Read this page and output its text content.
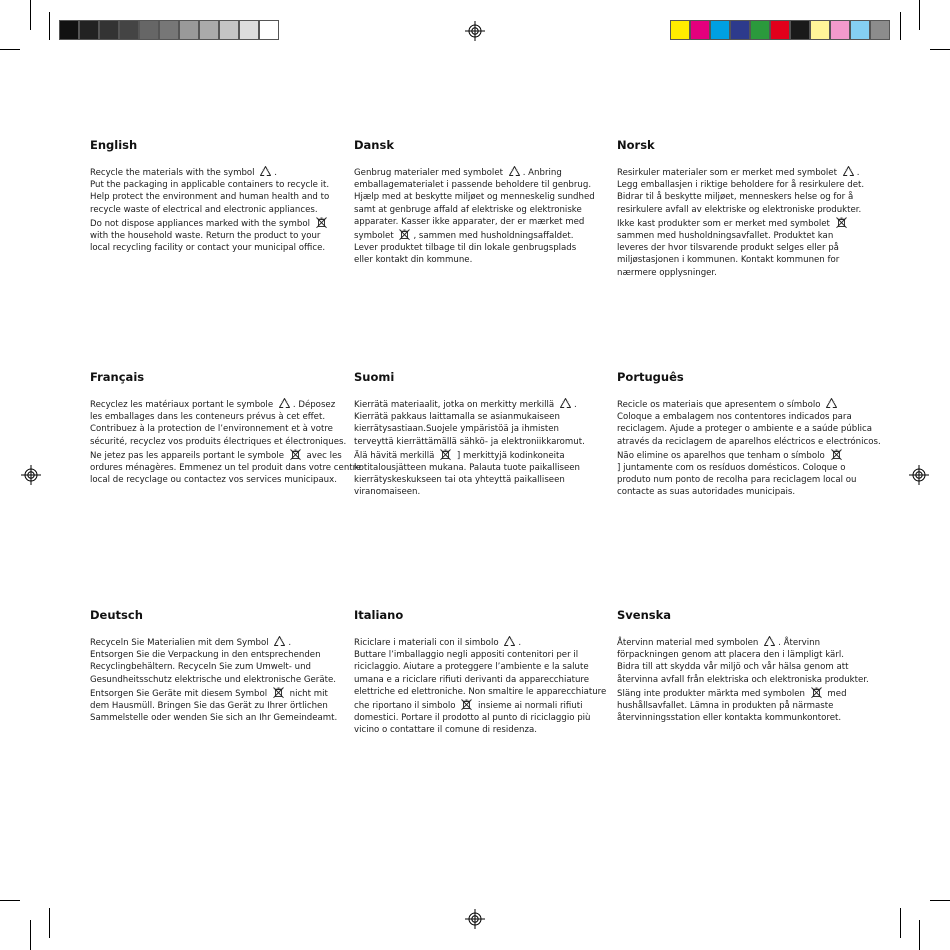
English
Recycle the materials with the symbol .
Put the packaging in applicable containers to recycle it.
Help protect the environment and human health and to
recycle waste of electrical and electronic appliances.
Do not dispose appliances marked with the symbol
with the household waste. Return the product to your
local recycling facility or contact your municipal office.
Dansk
Genbrug materialer med symbolet . Anbring
emballagematerialet i passende beholdere til genbrug.
Hjælp med at beskytte miljøet og menneskelig sundhed
samt at genbruge affald af elektriske og elektroniske
apparater. Kasser ikke apparater, der er mærket med
symbolet , sammen med husholdningsaffaldet.
Lever produktet tilbage til din lokale genbrugsplads
eller kontakt din kommune.
Norsk
Resirkuler materialer som er merket med symbolet .
Legg emballasjen i riktige beholdere for å resirkulere det.
Bidrar til å beskytte miljøet, menneskers helse og for å
resirkulere avfall av elektriske og elektroniske produkter.
Ikke kast produkter som er merket med symbolet
sammen med husholdningsavfallet. Produktet kan
leveres der hvor tilsvarende produkt selges eller på
miljøstasjonen i kommunen. Kontakt kommunen for
nærmere opplysninger.
Français
Recyclez les matériaux portant le symbole . Déposez
les emballages dans les conteneurs prévus à cet effet.
Contribuez à la protection de l’environnement et à votre
sécurité, recyclez vos produits électriques et électroniques.
Ne jetez pas les appareils portant le symbole  avec les
ordures ménagères. Emmenez un tel produit dans votre centre
local de recyclage ou contactez vos services municipaux.
Suomi
Kierrätä materiaalit, jotka on merkitty merkillä .
Kierrätä pakkaus laittamalla se asianmukaiseen
kierrätysastiaan.Suojele ympäristöä ja ihmisten
terveyttä kierrättämällä sähkö- ja elektroniikkaromut.
Älä hävitä merkillä  ] merkittyjä kodinkoneita
kotitalousjätteen mukana. Palauta tuote paikalliseen
kierrätyskeskukseen tai ota yhteyttä paikalliseen
viranomaiseen.
Português
Recicle os materiais que apresentem o símbolo
Coloque a embalagem nos contentores indicados para
reciclagem. Ajude a proteger o ambiente e a saúde pública
através da reciclagem de aparelhos eléctricos e electrónicos.
Não elimine os aparelhos que tenham o símbolo
] juntamente com os resíduos domésticos. Coloque o
produto num ponto de recolha para reciclagem local ou
contacte as suas autoridades municipais.
Deutsch
Recyceln Sie Materialien mit dem Symbol .
Entsorgen Sie die Verpackung in den entsprechenden
Recyclingbehältern. Recyceln Sie zum Umwelt- und
Gesundheitsschutz elektrische und elektronische Geräte.
Entsorgen Sie Geräte mit diesem Symbol  nicht mit
dem Hausmüll. Bringen Sie das Gerät zu Ihrer örtlichen
Sammelstelle oder wenden Sie sich an Ihr Gemeindeamt.
Italiano
Riciclare i materiali con il simbolo .
Buttare l’imballaggio negli appositi contenitori per il
riciclaggio. Aiutare a proteggere l’ambiente e la salute
umana e a riciclare rifiuti derivanti da apparecchiature
elettriche ed elettroniche. Non smaltire le apparecchiature
che riportano il simbolo  insieme ai normali rifiuti
domestici. Portare il prodotto al punto di riciclaggio più
vicino o contattare il comune di residenza.
Svenska
Återvinn material med symbolen . Återvinn
förpackningen genom att placera den i lämpligt kärl.
Bidra till att skydda vår miljö och vår hälsa genom att
återvinna avfall från elektriska och elektroniska produkter.
Släng inte produkter märkta med symbolen  med
hushållsavfallet. Lämna in produkten på närmaste
återvinningsstation eller kontakta kommunkontoret.
